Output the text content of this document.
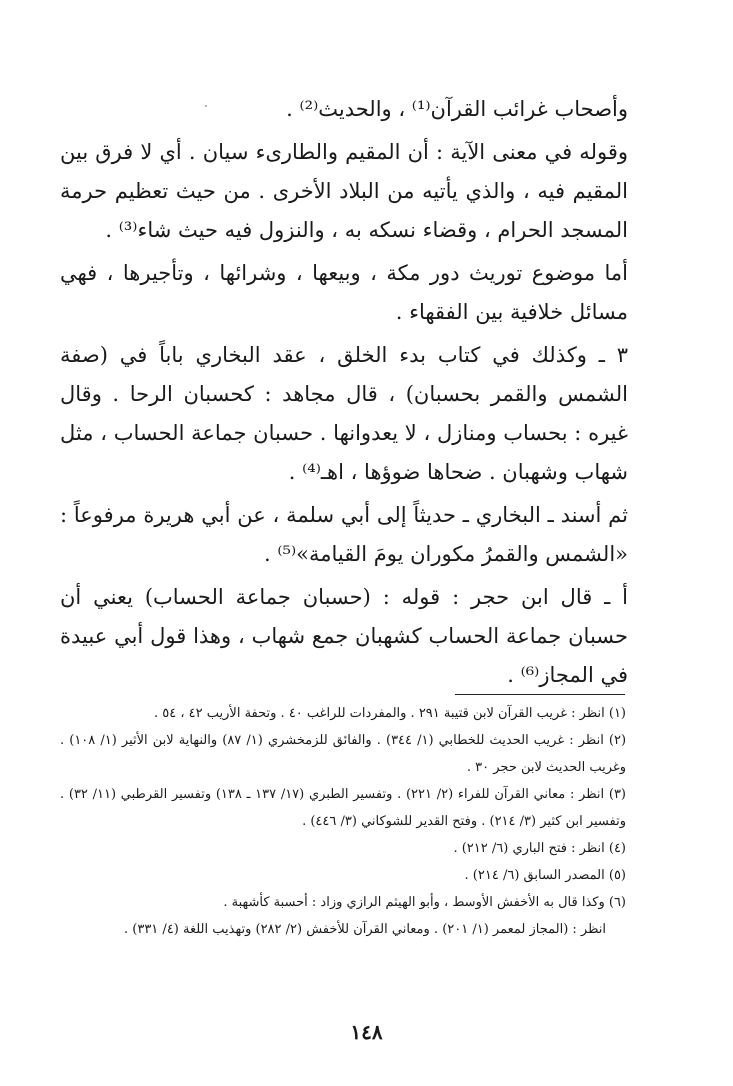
وأصحاب غرائب القرآن⁽¹⁾ ، والحديث⁽²⁾ .

وقوله في معنى الآية : أن المقيم والطارىء سيان . أي لا فرق بين المقيم فيه ، والذي يأتيه من البلاد الأخرى . من حيث تعظيم حرمة المسجد الحرام ، وقضاء نسكه به ، والنزول فيه حيث شاء⁽³⁾ .

أما موضوع توريث دور مكة ، وبيعها ، وشرائها ، وتأجيرها ، فهي مسائل خلافية بين الفقهاء .

٣ ـ وكذلك في كتاب بدء الخلق ، عقد البخاري باباً في (صفة الشمس والقمر بحسبان) ، قال مجاهد : كحسبان الرحا . وقال غيره : بحساب ومنازل ، لا يعدوانها . حسبان جماعة الحساب ، مثل شهاب وشهبان . ضحاها ضوؤها ، اهـ⁽⁴⁾ .

ثم أسند ـ البخاري ـ حديثاً إلى أبي سلمة ، عن أبي هريرة مرفوعاً : «الشمس والقمرُ مكوران يومَ القيامة»⁽⁵⁾ .

أ ـ قال ابن حجر : قوله : (حسبان جماعة الحساب) يعني أن حسبان جماعة الحساب كشهبان جمع شهاب ، وهذا قول أبي عبيدة في المجاز⁽⁶⁾ .

(١) انظر : غريب القرآن لابن قتيبة ٢٩١ . والمفردات للراغب ٤٠ . وتحفة الأريب ٤٢ ، ٥٤ .

(٢) انظر : غريب الحديث للخطابي (١/ ٣٤٤) . والفائق للزمخشري (١/ ٨٧) والنهاية لابن الأثير (١/ ١٠٨) . وغريب الحديث لابن حجر ٣٠ .

(٣) انظر : معاني القرآن للفراء (٢/ ٢٢١) . وتفسير الطبري (١٧/ ١٣٧ ـ ١٣٨) وتفسير القرطبي (١١/ ٣٢) . وتفسير ابن كثير (٣/ ٢١٤) . وفتح القدير للشوكاني (٣/ ٤٤٦) .

(٤) انظر : فتح الباري (٦/ ٢١٢) .

(٥) المصدر السابق (٦/ ٢١٤) .

(٦) وكذا قال به الأخفش الأوسط ، وأبو الهيثم الرازي وزاد : أحسبة كأشهبة .

انظر : (المجاز لمعمر (١/ ٢٠١) . ومعاني القرآن للأخفش (٢/ ٢٨٢) وتهذيب اللغة (٤/ ٣٣١) .

١٤٨
